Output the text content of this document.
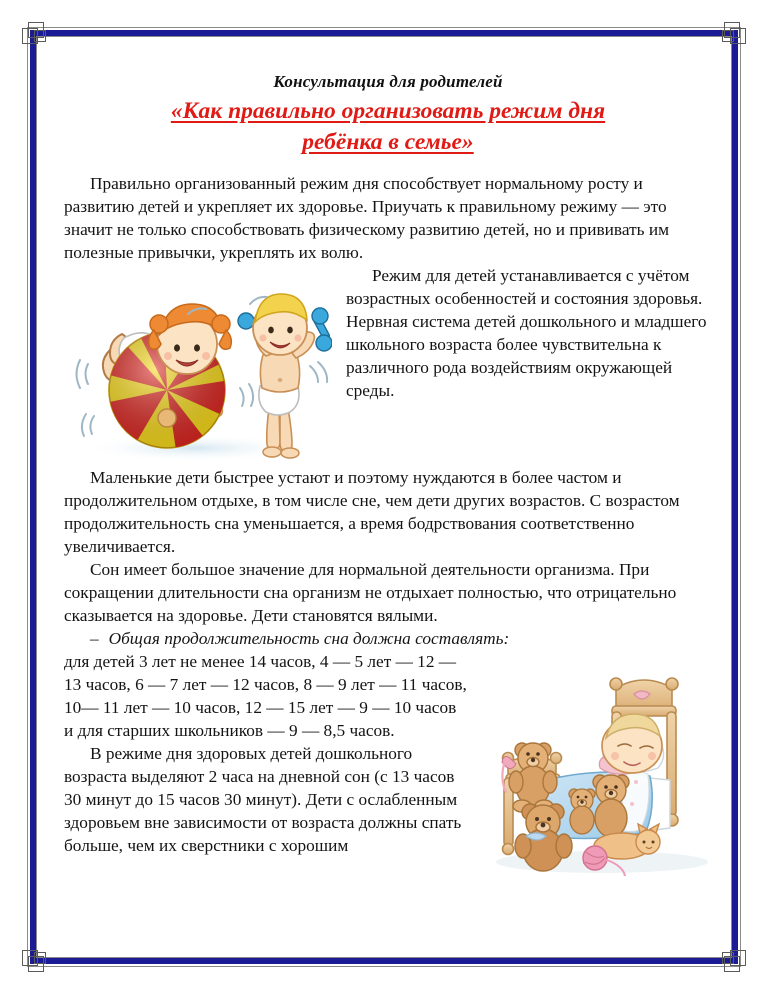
Консультация для родителей
«Как правильно организовать режим дня
ребёнка в семье»

Правильно организованный режим дня способствует нормальному росту и развитию детей и укрепляет их здоровье. Приучать к правильному режиму — это значит не только способствовать физическому развитию детей, но и прививать им полезные привычки, укреплять их волю.

Режим для детей устанавливается с учётом возрастных особенностей и состояния здоровья. Нервная система детей дошкольного и младшего школьного возраста более чувствительна к различного рода воздействиям окружающей среды.

Маленькие дети быстрее устают и поэтому нуждаются в более частом и продолжительном отдыхе, в том числе сне, чем дети других возрастов. С возрастом продолжительность сна уменьшается, а время бодрствования соответственно увеличивается.

Сон имеет большое значение для нормальной деятельности организма. При сокращении длительности сна организм не отдыхает полностью, что отрицательно сказывается на здоровье. Дети становятся вялыми.

– Общая продолжительность сна должна составлять:

для детей 3 лет не менее 14 часов, 4 — 5 лет — 12 — 13 часов, 6 — 7 лет — 12 часов, 8 — 9 лет — 11 часов, 10— 11 лет — 10 часов, 12 — 15 лет — 9 — 10 часов и для старших школьников — 9 — 8,5 часов.

В режиме дня здоровых детей дошкольного возраста выделяют 2 часа на дневной сон (с 13 часов 30 минут до 15 часов 30 минут). Дети с ослабленным здоровьем вне зависимости от возраста должны спать больше, чем их сверстники с хорошим
